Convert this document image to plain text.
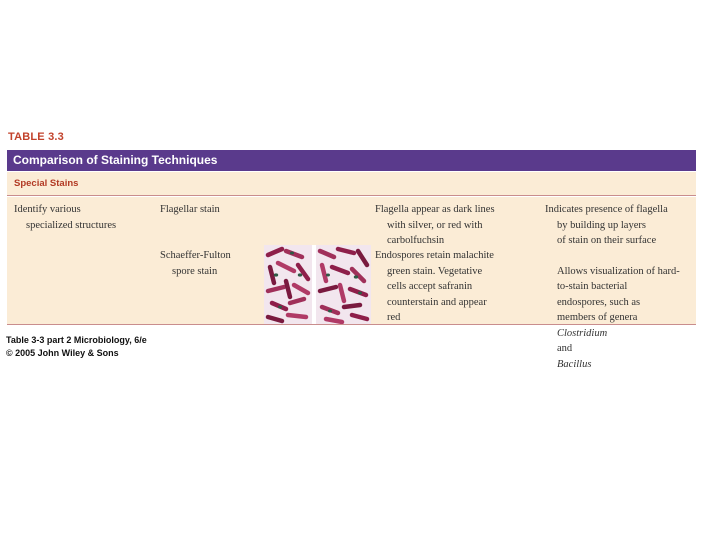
TABLE 3.3
Comparison of Staining Techniques
Special Stains
Identify various
specialized structures
Flagellar stain	Flagella appear as dark lines
with silver, or red with
carbolfuchsin
Indicates presence of flagella
by building up layers
of stain on their surface
Schaeffer-Fulton
spore stain
Endospores retain malachite
green stain. Vegetative
cells accept safranin
counterstain and appear
red

Allows visualization of hard-
to-stain bacterial
endospores, such as
members of genera
Clostridium
and
Bacillus

Table 3-3 part 2 Microbiology, 6/e
© 2005 John Wiley & Sons
